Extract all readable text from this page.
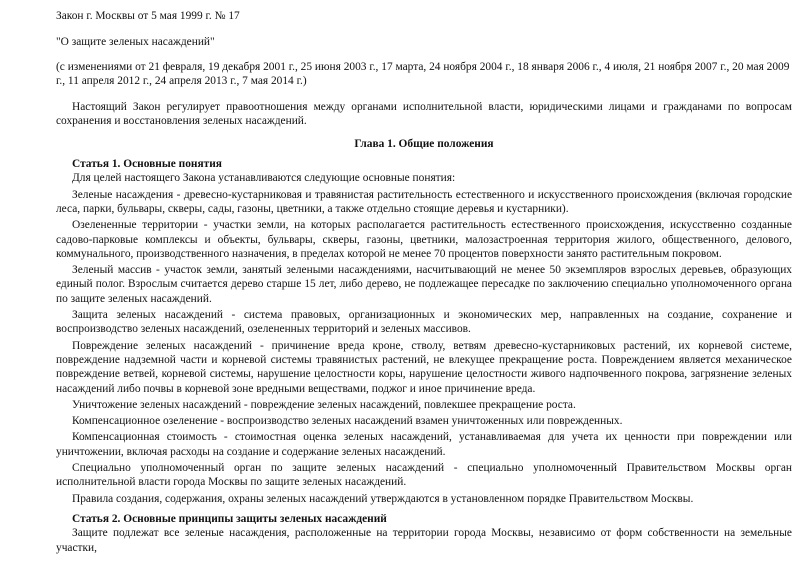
Закон г. Москвы от 5 мая 1999 г. № 17

"О защите зеленых насаждений"

(с изменениями от 21 февраля, 19 декабря 2001 г., 25 июня 2003 г., 17 марта, 24 ноября 2004 г., 18 января 2006 г., 4 июля, 21 ноября 2007 г., 20 мая 2009 г., 11 апреля 2012 г., 24 апреля 2013 г., 7 мая 2014 г.)

Настоящий Закон регулирует правоотношения между органами исполнительной власти, юридическими лицами и гражданами по вопросам сохранения и восстановления зеленых насаждений.

Глава 1. Общие положения

Статья 1. Основные понятия

Для целей настоящего Закона устанавливаются следующие основные понятия:

Зеленые насаждения - древесно-кустарниковая и травянистая растительность естественного и искусственного происхождения (включая городские леса, парки, бульвары, скверы, сады, газоны, цветники, а также отдельно стоящие деревья и кустарники).

Озелененные территории - участки земли, на которых располагается растительность естественного происхождения, искусственно созданные садово-парковые комплексы и объекты, бульвары, скверы, газоны, цветники, малозастроенная территория жилого, общественного, делового, коммунального, производственного назначения, в пределах которой не менее 70 процентов поверхности занято растительным покровом.

Зеленый массив - участок земли, занятый зелеными насаждениями, насчитывающий не менее 50 экземпляров взрослых деревьев, образующих единый полог. Взрослым считается дерево старше 15 лет, либо дерево, не подлежащее пересадке по заключению специально уполномоченного органа по защите зеленых насаждений.

Защита зеленых насаждений - система правовых, организационных и экономических мер, направленных на создание, сохранение и воспроизводство зеленых насаждений, озелененных территорий и зеленых массивов.

Повреждение зеленых насаждений - причинение вреда кроне, стволу, ветвям древесно-кустарниковых растений, их корневой системе, повреждение надземной части и корневой системы травянистых растений, не влекущее прекращение роста. Повреждением является механическое повреждение ветвей, корневой системы, нарушение целостности коры, нарушение целостности живого надпочвенного покрова, загрязнение зеленых насаждений либо почвы в корневой зоне вредными веществами, поджог и иное причинение вреда.

Уничтожение зеленых насаждений - повреждение зеленых насаждений, повлекшее прекращение роста.

Компенсационное озеленение - воспроизводство зеленых насаждений взамен уничтоженных или поврежденных.

Компенсационная стоимость - стоимостная оценка зеленых насаждений, устанавливаемая для учета их ценности при повреждении или уничтожении, включая расходы на создание и содержание зеленых насаждений.

Специально уполномоченный орган по защите зеленых насаждений - специально уполномоченный Правительством Москвы орган исполнительной власти города Москвы по защите зеленых насаждений.

Правила создания, содержания, охраны зеленых насаждений утверждаются в установленном порядке Правительством Москвы.

Статья 2. Основные принципы защиты зеленых насаждений

Защите подлежат все зеленые насаждения, расположенные на территории города Москвы, независимо от форм собственности на земельные участки,
